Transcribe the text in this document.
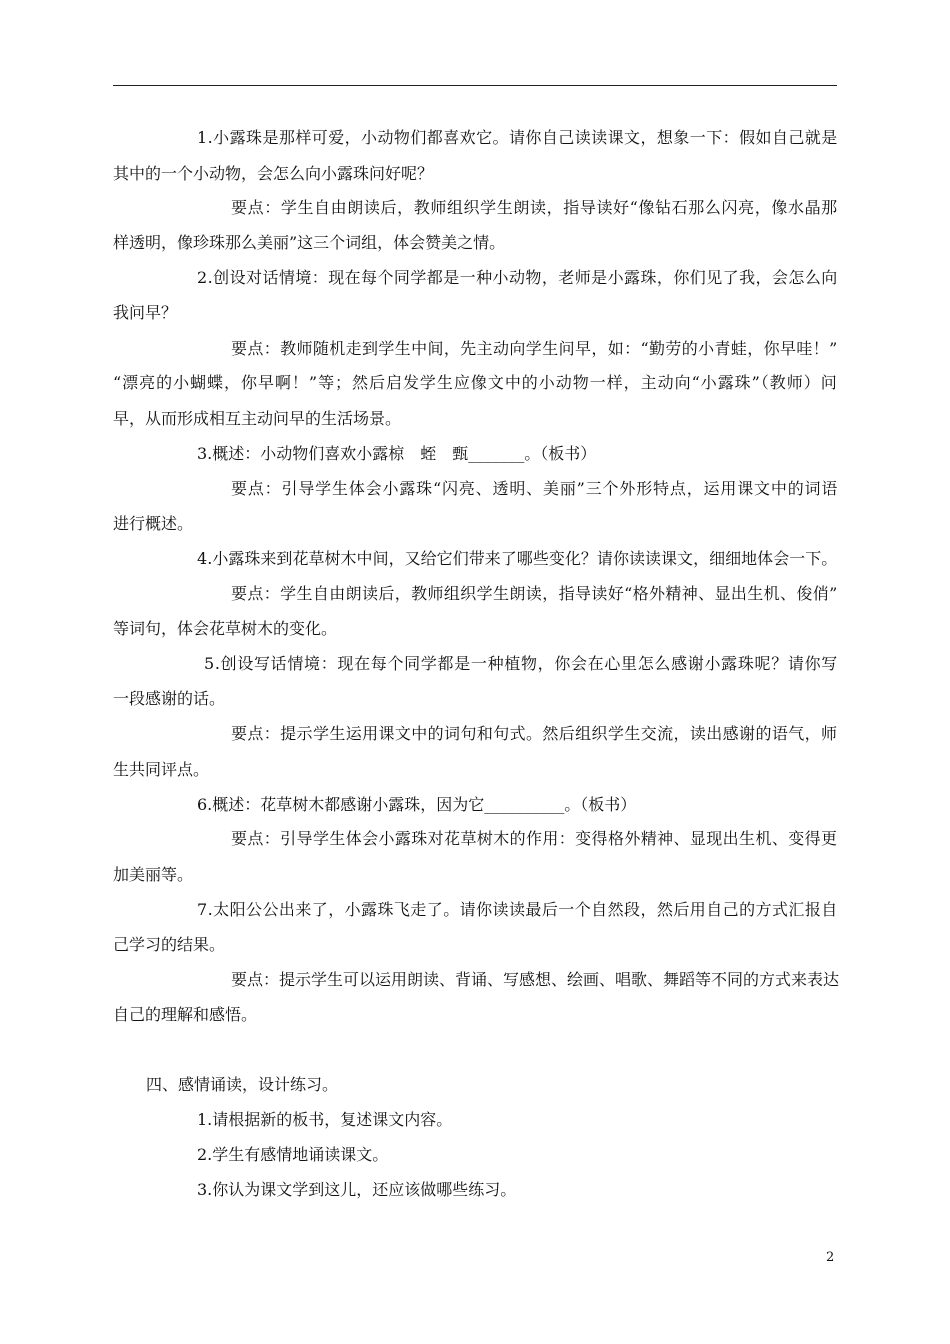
1.小露珠是那样可爱，小动物们都喜欢它。请你自己读读课文，想象一下：假如自己就是
其中的一个小动物，会怎么向小露珠问好呢？
要点：学生自由朗读后，教师组织学生朗读，指导读好“像钻石那么闪亮，像水晶那
样透明，像珍珠那么美丽”这三个词组，体会赞美之情。
2.创设对话情境：现在每个同学都是一种小动物，老师是小露珠，你们见了我，会怎么向
我问早？
要点：教师随机走到学生中间，先主动向学生问早，如：“勤劳的小青蛙，你早哇！”
“漂亮的小蝴蝶，你早啊！”等；然后启发学生应像文中的小动物一样，主动向“小露珠”（教师）问
早，从而形成相互主动问早的生活场景。
3.概述：小动物们喜欢小露椋　蛭　甄_______。（板书）
要点：引导学生体会小露珠“闪亮、透明、美丽”三个外形特点，运用课文中的词语
进行概述。
4.小露珠来到花草树木中间，又给它们带来了哪些变化？请你读读课文，细细地体会一下。
要点：学生自由朗读后，教师组织学生朗读，指导读好“格外精神、显出生机、俊俏”
等词句，体会花草树木的变化。
5.创设写话情境：现在每个同学都是一种植物，你会在心里怎么感谢小露珠呢？请你写
一段感谢的话。
要点：提示学生运用课文中的词句和句式。然后组织学生交流，读出感谢的语气，师
生共同评点。
6.概述：花草树木都感谢小露珠，因为它__________。（板书）
要点：引导学生体会小露珠对花草树木的作用：变得格外精神、显现出生机、变得更
加美丽等。
7.太阳公公出来了，小露珠飞走了。请你读读最后一个自然段，然后用自己的方式汇报自
己学习的结果。
要点：提示学生可以运用朗读、背诵、写感想、绘画、唱歌、舞蹈等不同的方式来表达
自己的理解和感悟。
四、感情诵读，设计练习。
1.请根据新的板书，复述课文内容。
2.学生有感情地诵读课文。
3.你认为课文学到这儿，还应该做哪些练习。
2
